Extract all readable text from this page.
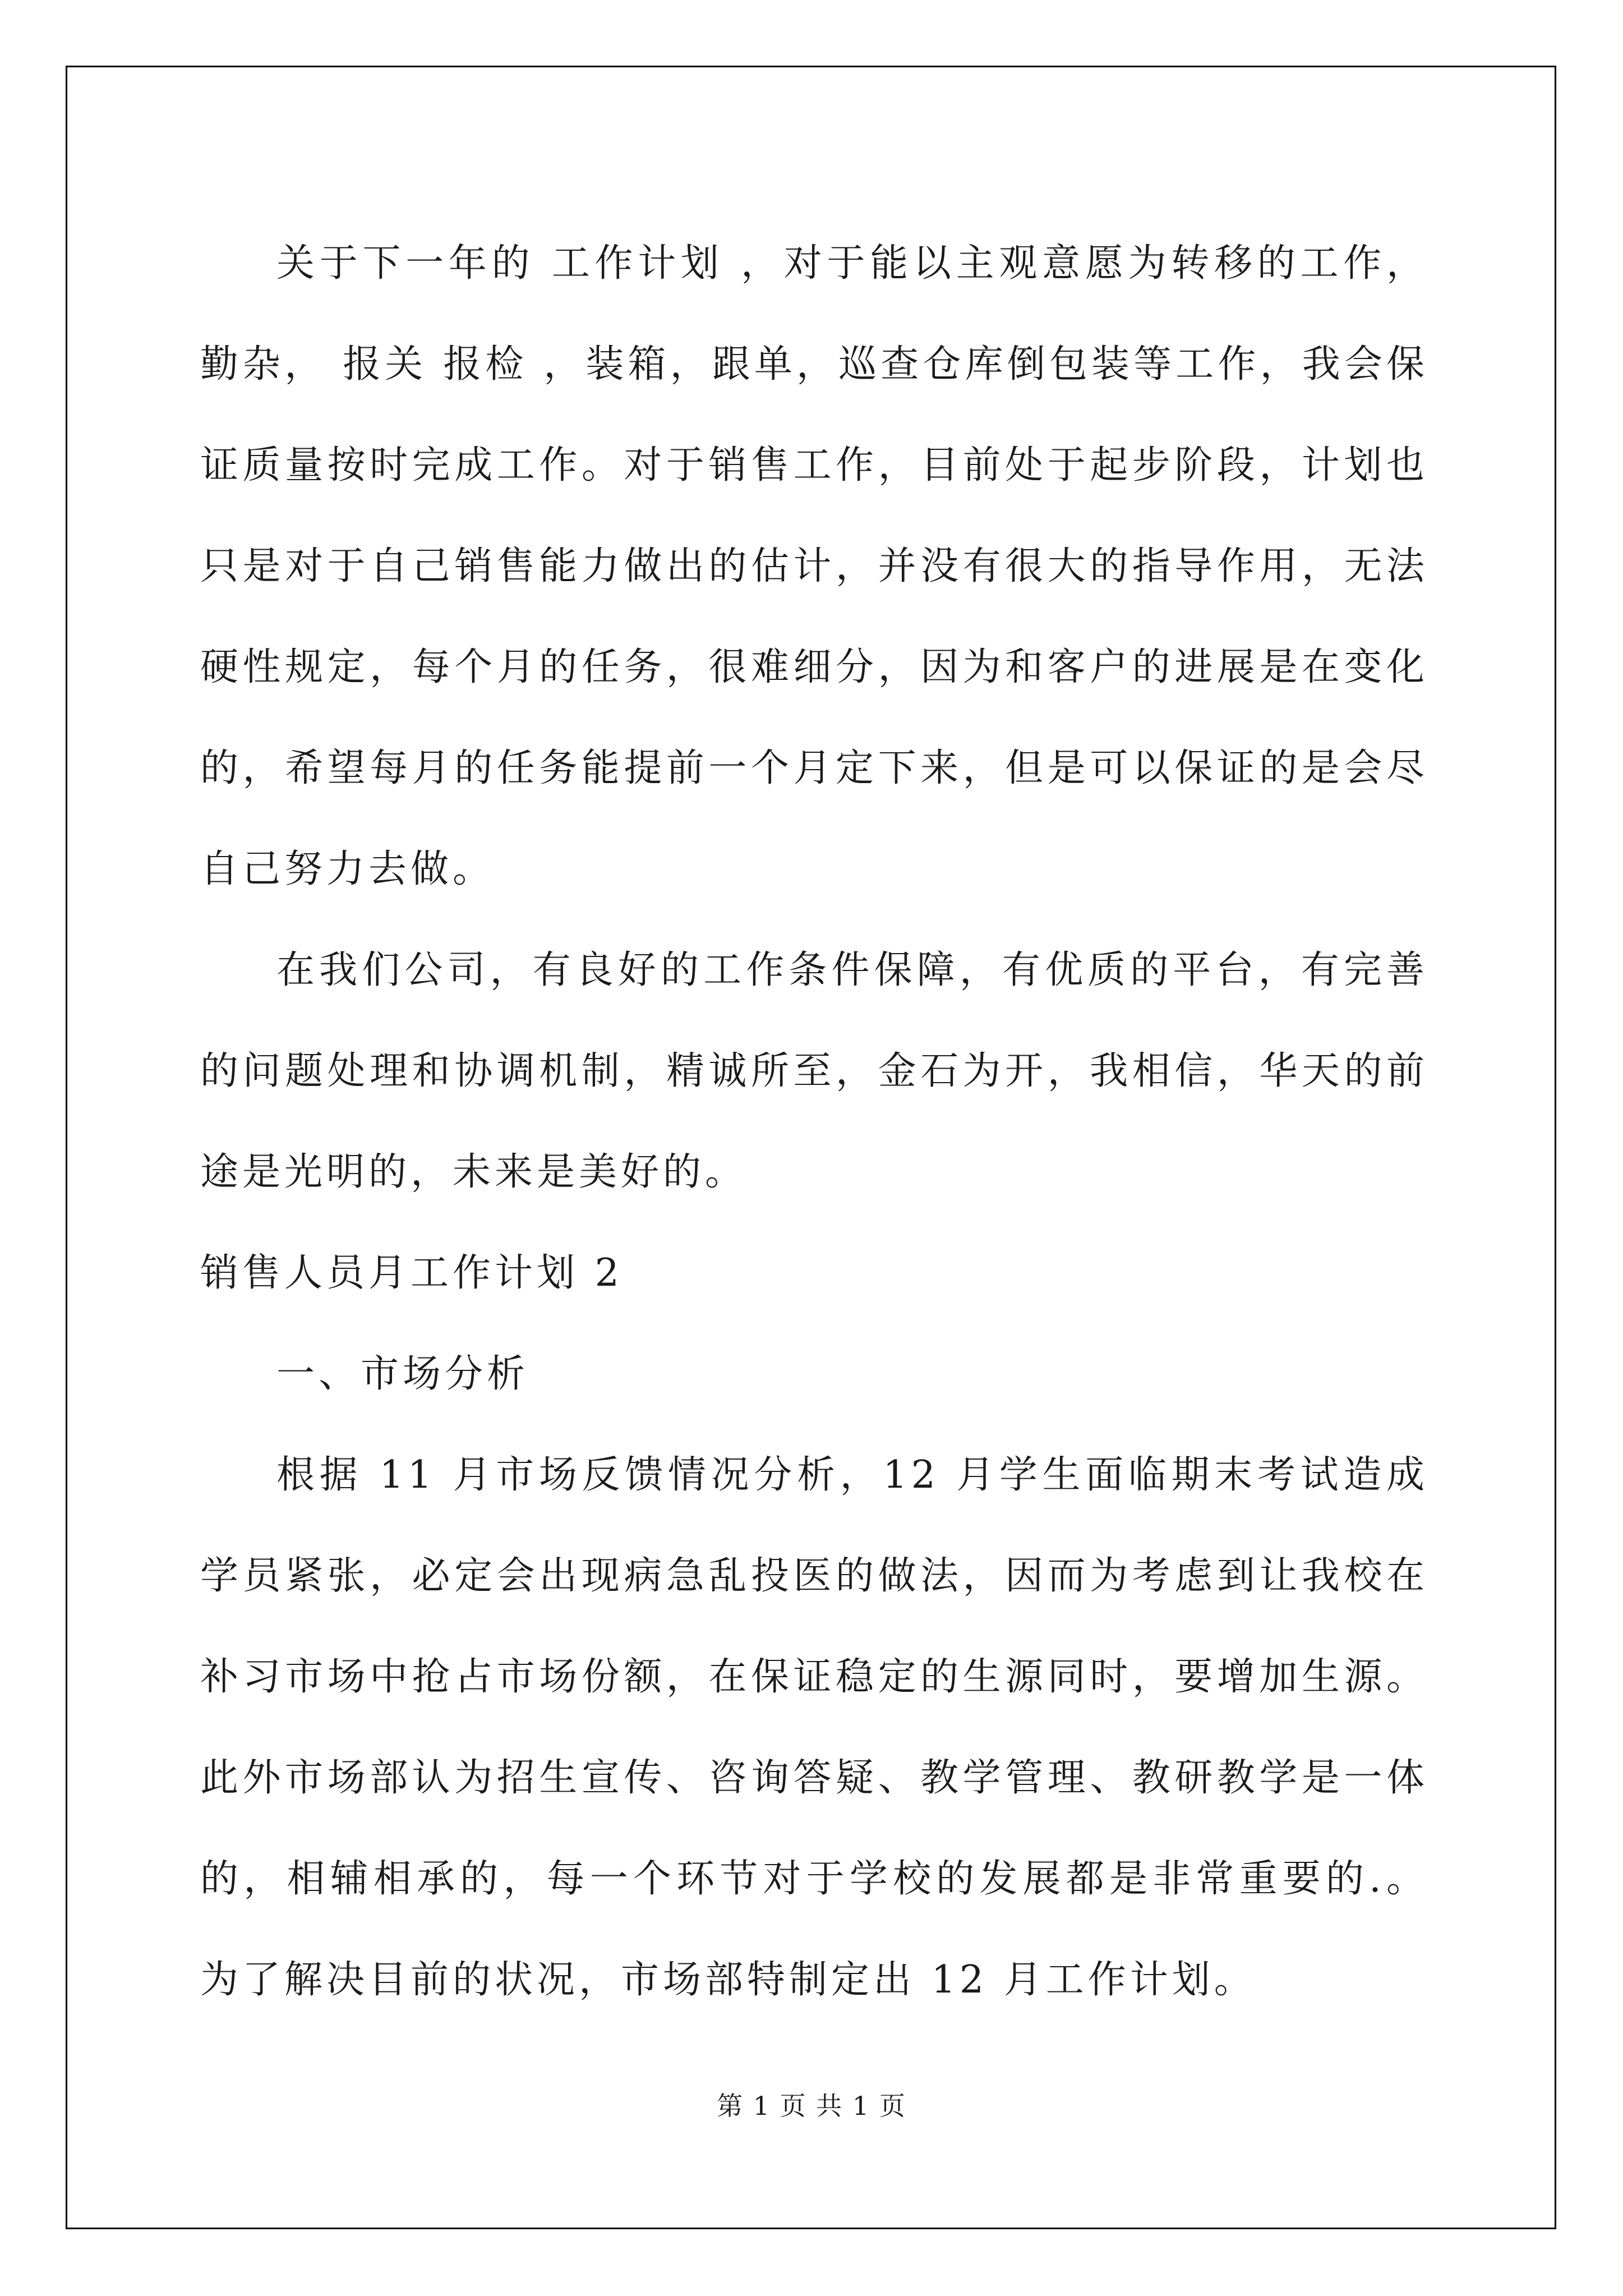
关于下一年的 工作计划 ，对于能以主观意愿为转移的工作，勤杂， 报关 报检 ，装箱，跟单，巡查仓库倒包装等工作，我会保证质量按时完成工作。对于销售工作，目前处于起步阶段，计划也只是对于自己销售能力做出的估计，并没有很大的指导作用，无法硬性规定，每个月的任务，很难细分，因为和客户的进展是在变化的，希望每月的任务能提前一个月定下来，但是可以保证的是会尽自己努力去做。

在我们公司，有良好的工作条件保障，有优质的平台，有完善的问题处理和协调机制，精诚所至，金石为开，我相信，华天的前途是光明的，未来是美好的。

销售人员月工作计划 2

一、市场分析

根据 11 月市场反馈情况分析，12 月学生面临期末考试造成学员紧张，必定会出现病急乱投医的做法，因而为考虑到让我校在补习市场中抢占市场份额，在保证稳定的生源同时，要增加生源。此外市场部认为招生宣传、咨询答疑、教学管理、教研教学是一体的，相辅相承的，每一个环节对于学校的发展都是非常重要的.。为了解决目前的状况，市场部特制定出 12 月工作计划。

第 1 页 共 1 页
